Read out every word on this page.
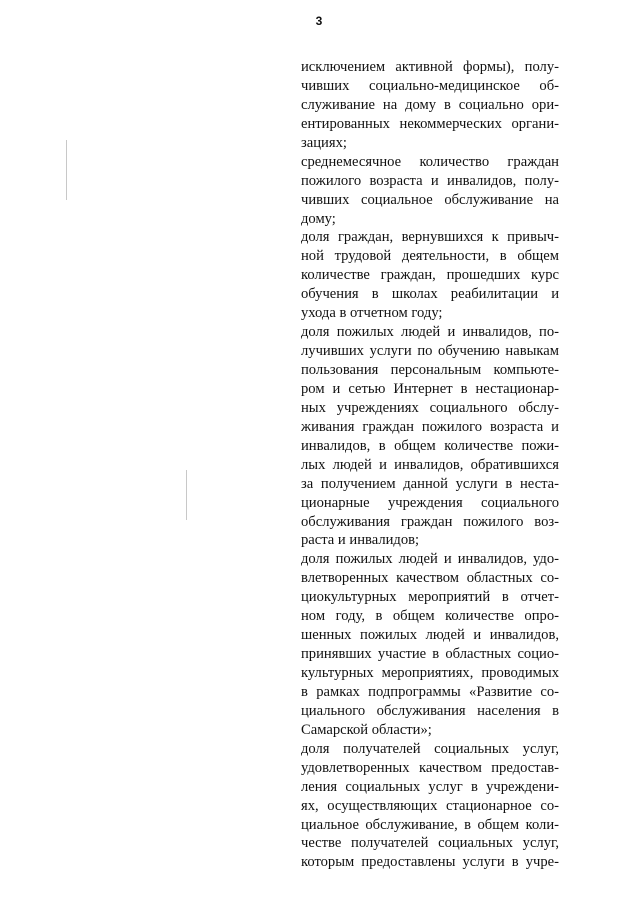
3
исключением активной формы), полу-
чивших социально-медицинское об-
служивание на дому в социально ори-
ентированных некоммерческих органи-
зациях;
среднемесячное количество граждан
пожилого возраста и инвалидов, полу-
чивших социальное обслуживание на
дому;
доля граждан, вернувшихся к привыч-
ной трудовой деятельности, в общем
количестве граждан, прошедших курс
обучения в школах реабилитации и
ухода в отчетном году;
доля пожилых людей и инвалидов, по-
лучивших услуги по обучению навыкам
пользования персональным компьюте-
ром и сетью Интернет в нестационар-
ных учреждениях социального обслу-
живания граждан пожилого возраста и
инвалидов, в общем количестве пожи-
лых людей и инвалидов, обратившихся
за получением данной услуги в неста-
ционарные учреждения социального
обслуживания граждан пожилого воз-
раста и инвалидов;
доля пожилых людей и инвалидов, удо-
влетворенных качеством областных со-
циокультурных мероприятий в отчет-
ном году, в общем количестве опро-
шенных пожилых людей и инвалидов,
принявших участие в областных социо-
культурных мероприятиях, проводимых
в рамках подпрограммы «Развитие со-
циального обслуживания населения в
Самарской области»;
доля получателей социальных услуг,
удовлетворенных качеством предостав-
ления социальных услуг в учреждени-
ях, осуществляющих стационарное со-
циальное обслуживание, в общем коли-
честве получателей социальных услуг,
которым предоставлены услуги в учре-
